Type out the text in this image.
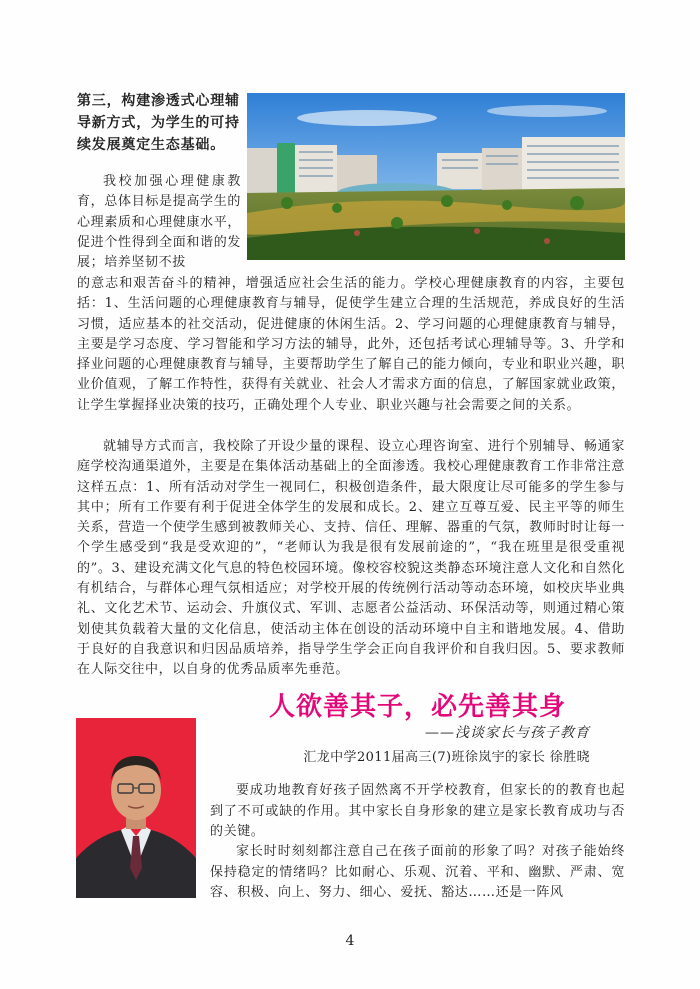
第三，构建渗透式心理辅导新方式，为学生的可持续发展奠定生态基础。

我校加强心理健康教育，总体目标是提高学生的心理素质和心理健康水平，促进个性得到全面和谐的发展；培养坚韧不拔

的意志和艰苦奋斗的精神，增强适应社会生活的能力。学校心理健康教育的内容，主要包括：1、生活问题的心理健康教育与辅导，促使学生建立合理的生活规范，养成良好的生活习惯，适应基本的社交活动，促进健康的休闲生活。2、学习问题的心理健康教育与辅导，主要是学习态度、学习智能和学习方法的辅导，此外，还包括考试心理辅导等。3、升学和择业问题的心理健康教育与辅导，主要帮助学生了解自己的能力倾向，专业和职业兴趣，职业价值观，了解工作特性，获得有关就业、社会人才需求方面的信息，了解国家就业政策，让学生掌握择业决策的技巧，正确处理个人专业、职业兴趣与社会需要之间的关系。

就辅导方式而言，我校除了开设少量的课程、设立心理咨询室、进行个别辅导、畅通家庭学校沟通渠道外，主要是在集体活动基础上的全面渗透。我校心理健康教育工作非常注意这样五点：1、所有活动对学生一视同仁，积极创造条件，最大限度让尽可能多的学生参与其中；所有工作要有利于促进全体学生的发展和成长。2、建立互尊互爱、民主平等的师生关系，营造一个使学生感到被教师关心、支持、信任、理解、器重的气氛，教师时时让每一个学生感受到“我是受欢迎的”，“老师认为我是很有发展前途的”，“我在班里是很受重视的”。3、建设充满文化气息的特色校园环境。像校容校貌这类静态环境注意人文化和自然化有机结合，与群体心理气氛相适应；对学校开展的传统例行活动等动态环境，如校庆毕业典礼、文化艺术节、运动会、升旗仪式、军训、志愿者公益活动、环保活动等，则通过精心策划使其负载着大量的文化信息，使活动主体在创设的活动环境中自主和谐地发展。4、借助于良好的自我意识和归因品质培养，指导学生学会正向自我评价和自我归因。5、要求教师在人际交往中，以自身的优秀品质率先垂范。

人欲善其子，必先善其身

——浅谈家长与孩子教育

汇龙中学2011届高三(7)班徐岚宇的家长 徐胜晓

要成功地教育好孩子固然离不开学校教育，但家长的的教育也起到了不可或缺的作用。其中家长自身形象的建立是家长教育成功与否的关键。

家长时时刻刻都注意自己在孩子面前的形象了吗？对孩子能始终保持稳定的情绪吗？比如耐心、乐观、沉着、平和、幽默、严肃、宽容、积极、向上、努力、细心、爱抚、豁达……还是一阵风

4
